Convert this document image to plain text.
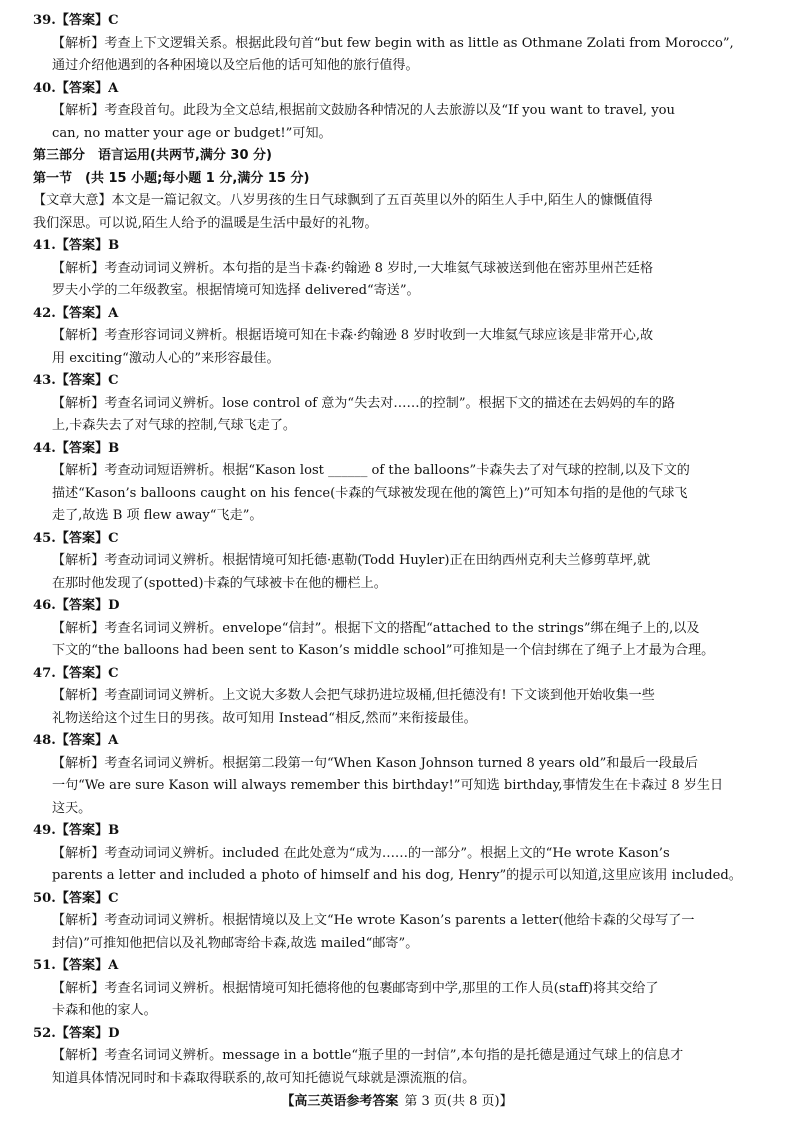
39.【答案】C
【解析】考查上下文逻辑关系。根据此段句首“but few begin with as little as Othmane Zolati from Morocco”,
通过介绍他遇到的各种困境以及空后他的话可知他的旅行值得。
40.【答案】A
【解析】考查段首句。此段为全文总结,根据前文鼓励各种情况的人去旅游以及“If you want to travel, you
can, no matter your age or budget!”可知。
第三部分　语言运用(共两节,满分 30 分)
第一节　(共 15 小题;每小题 1 分,满分 15 分)
【文章大意】本文是一篇记叙文。八岁男孩的生日气球飘到了五百英里以外的陌生人手中,陌生人的慷慨值得
我们深思。可以说,陌生人给予的温暖是生活中最好的礼物。
41.【答案】B
【解析】考查动词词义辨析。本句指的是当卡森·约翰逊 8 岁时,一大堆氦气球被送到他在密苏里州芒廷格
罗夫小学的二年级教室。根据情境可知选择 delivered“寄送”。
42.【答案】A
【解析】考查形容词词义辨析。根据语境可知在卡森·约翰逊 8 岁时收到一大堆氦气球应该是非常开心,故
用 exciting“激动人心的”来形容最佳。
43.【答案】C
【解析】考查名词词义辨析。lose control of 意为“失去对……的控制”。根据下文的描述在去妈妈的车的路
上,卡森失去了对气球的控制,气球飞走了。
44.【答案】B
【解析】考查动词短语辨析。根据“Kason lost ______ of the balloons”卡森失去了对气球的控制,以及下文的
描述“Kason’s balloons caught on his fence(卡森的气球被发现在他的篱笆上)”可知本句指的是他的气球飞
走了,故选 B 项 flew away“飞走”。
45.【答案】C
【解析】考查动词词义辨析。根据情境可知托德·惠勒(Todd Huyler)正在田纳西州克利夫兰修剪草坪,就
在那时他发现了(spotted)卡森的气球被卡在他的栅栏上。
46.【答案】D
【解析】考查名词词义辨析。envelope“信封”。根据下文的搭配“attached to the strings”绑在绳子上的,以及
下文的“the balloons had been sent to Kason’s middle school”可推知是一个信封绑在了绳子上才最为合理。
47.【答案】C
【解析】考查副词词义辨析。上文说大多数人会把气球扔进垃圾桶,但托德没有! 下文谈到他开始收集一些
礼物送给这个过生日的男孩。故可知用 Instead“相反,然而”来衔接最佳。
48.【答案】A
【解析】考查名词词义辨析。根据第二段第一句“When Kason Johnson turned 8 years old”和最后一段最后
一句“We are sure Kason will always remember this birthday!”可知选 birthday,事情发生在卡森过 8 岁生日
这天。
49.【答案】B
【解析】考查动词词义辨析。included 在此处意为“成为……的一部分”。根据上文的“He wrote Kason’s
parents a letter and included a photo of himself and his dog, Henry”的提示可以知道,这里应该用 included。
50.【答案】C
【解析】考查动词词义辨析。根据情境以及上文“He wrote Kason’s parents a letter(他给卡森的父母写了一
封信)”可推知他把信以及礼物邮寄给卡森,故选 mailed“邮寄”。
51.【答案】A
【解析】考查名词词义辨析。根据情境可知托德将他的包裹邮寄到中学,那里的工作人员(staff)将其交给了
卡森和他的家人。
52.【答案】D
【解析】考查名词词义辨析。message in a bottle“瓶子里的一封信”,本句指的是托德是通过气球上的信息才
知道具体情况同时和卡森取得联系的,故可知托德说气球就是漂流瓶的信。
【高三英语参考答案 第 3 页(共 8 页)】
